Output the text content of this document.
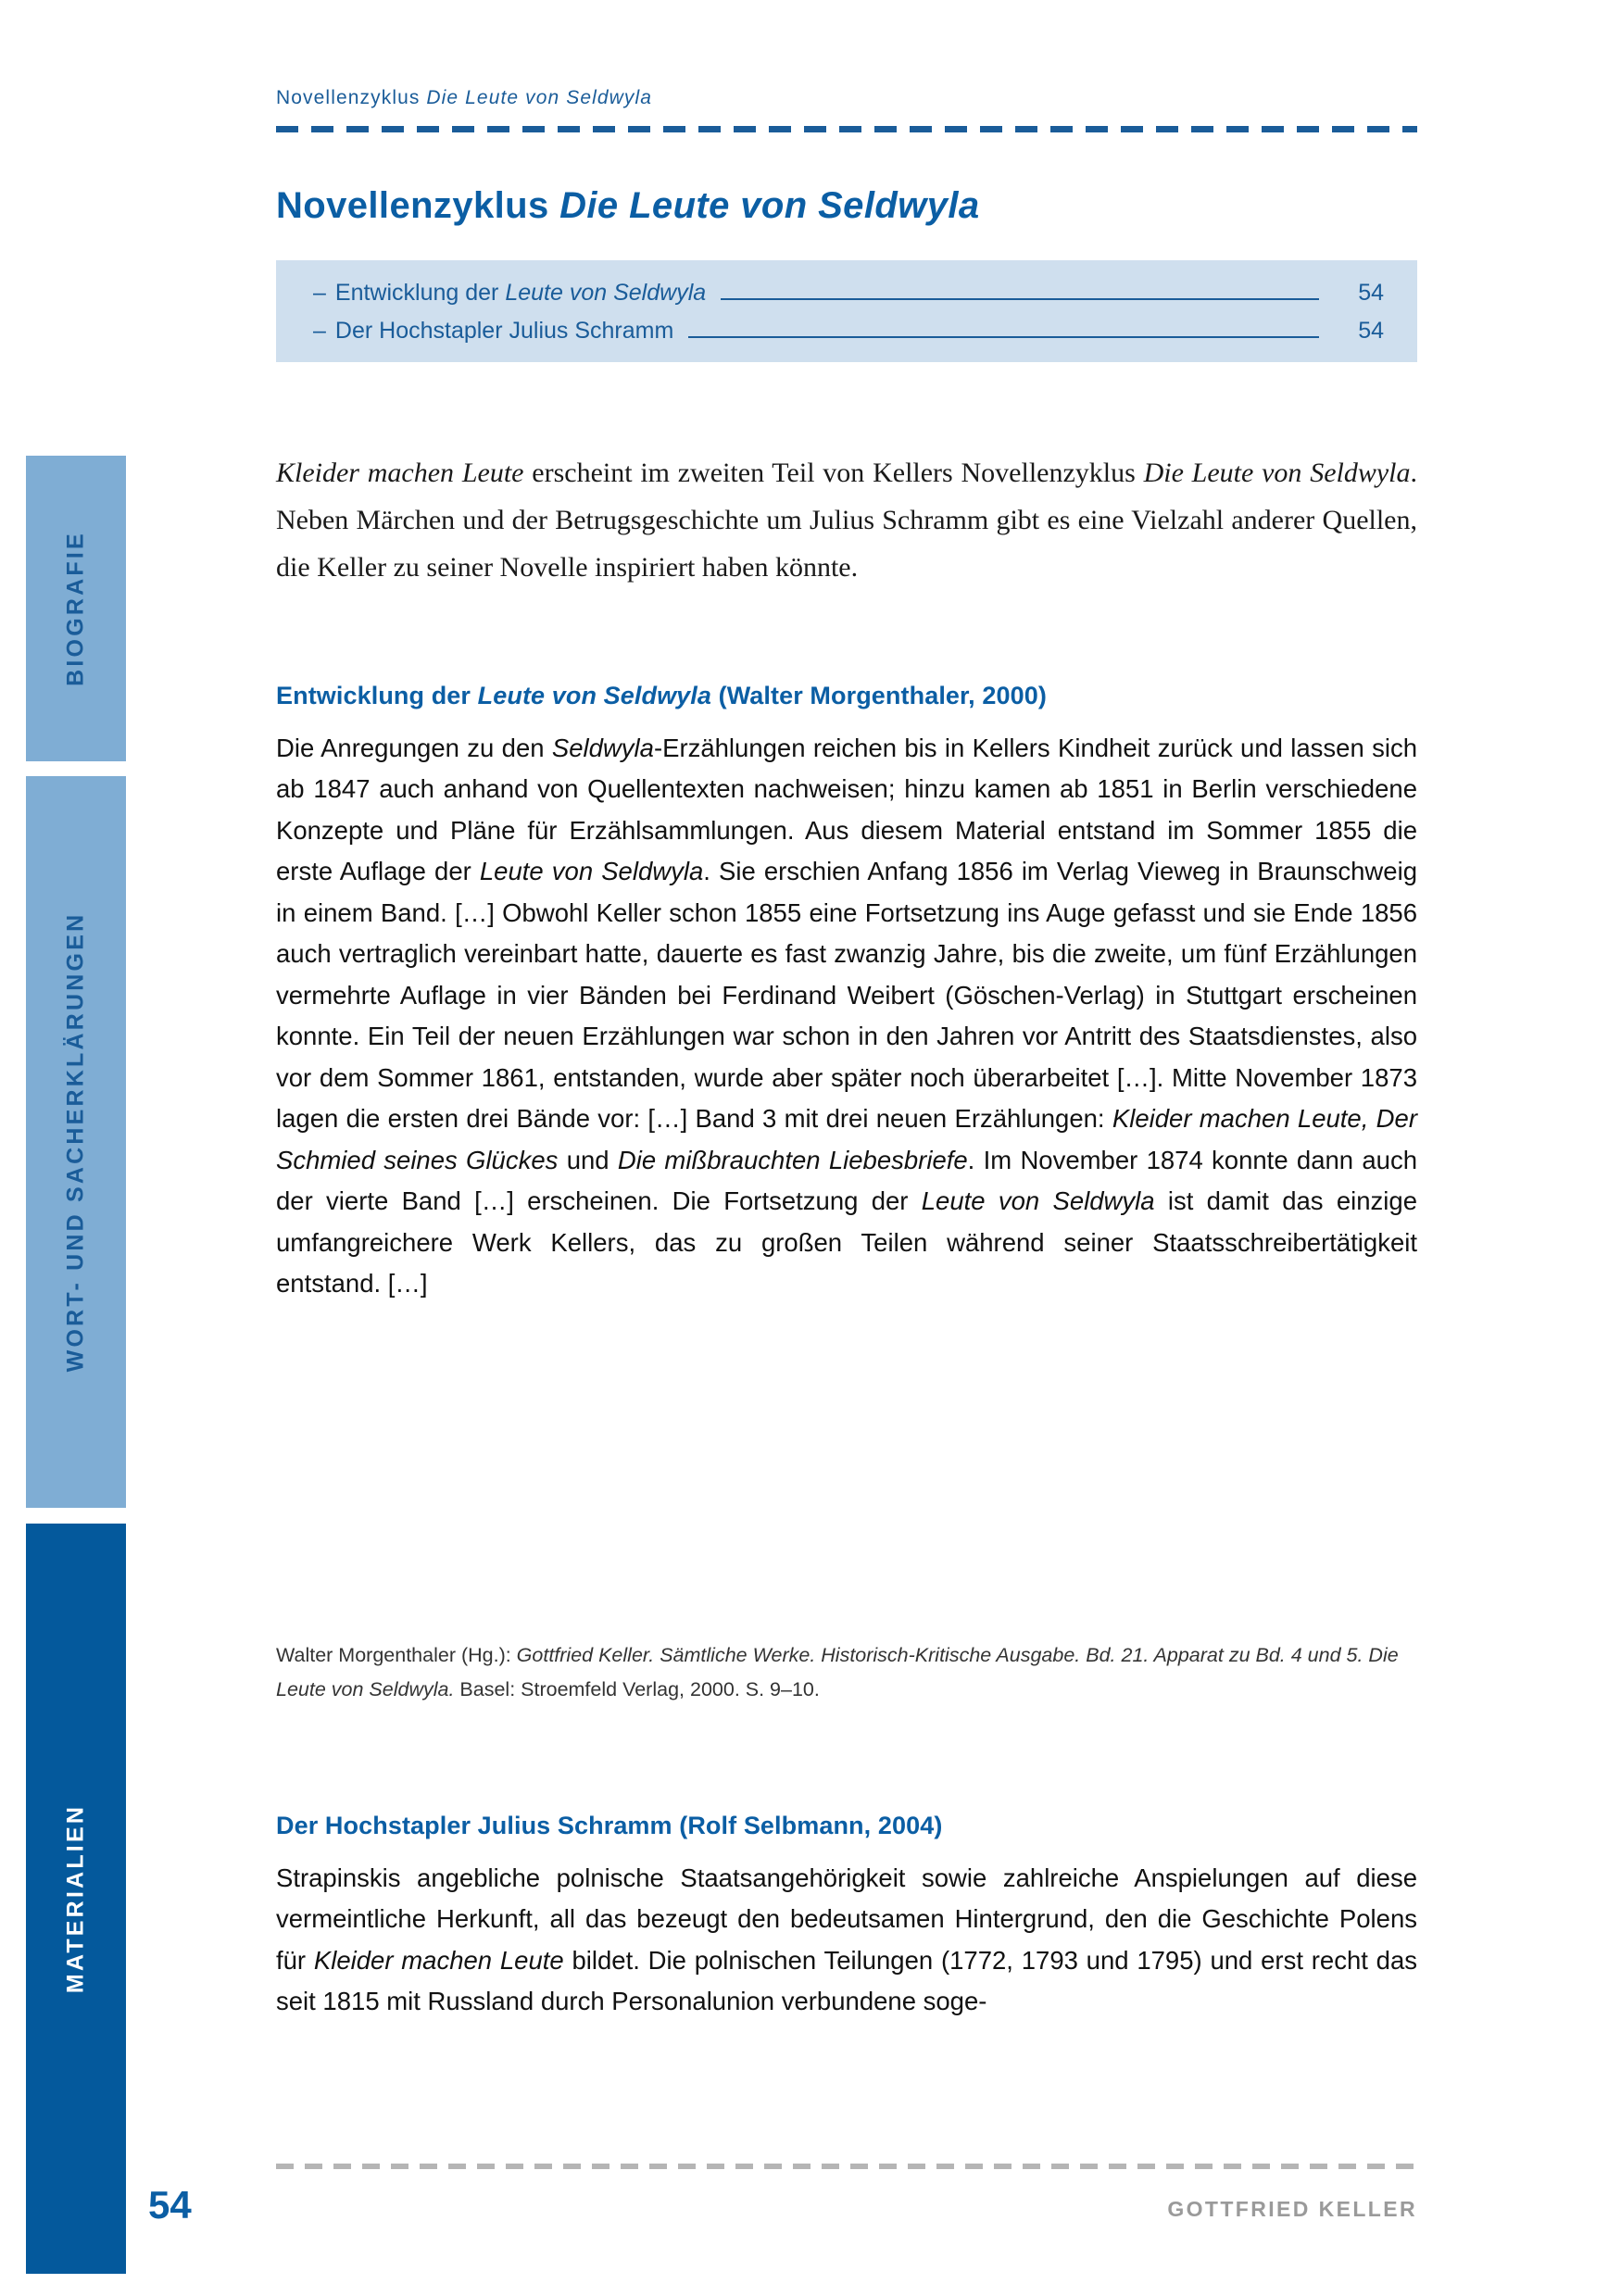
BIOGRAFIE
WORT- UND SACHERKLÄRUNGEN
MATERIALIEN
Novellenzyklus Die Leute von Seldwyla
Novellenzyklus Die Leute von Seldwyla
– Entwicklung der Leute von Seldwyla	54
– Der Hochstapler Julius Schramm	54

Kleider machen Leute erscheint im zweiten Teil von Kellers Novellenzyklus Die Leute von Seldwyla. Neben Märchen und der Betrugsgeschichte um Julius Schramm gibt es eine Vielzahl anderer Quellen, die Keller zu seiner Novelle inspiriert haben könnte.

Entwicklung der Leute von Seldwyla (Walter Morgenthaler, 2000)

Die Anregungen zu den Seldwyla-Erzählungen reichen bis in Kellers Kindheit zurück und lassen sich ab 1847 auch anhand von Quellentexten nachweisen; hinzu kamen ab 1851 in Berlin verschiedene Konzepte und Pläne für Erzählsammlungen. Aus diesem Material entstand im Sommer 1855 die erste Auflage der Leute von Seldwyla. Sie erschien Anfang 1856 im Verlag Vieweg in Braunschweig in einem Band. […] Obwohl Keller schon 1855 eine Fortsetzung ins Auge gefasst und sie Ende 1856 auch vertraglich vereinbart hatte, dauerte es fast zwanzig Jahre, bis die zweite, um fünf Erzählungen vermehrte Auflage in vier Bänden bei Ferdinand Weibert (Göschen-Verlag) in Stuttgart erscheinen konnte. Ein Teil der neuen Erzählungen war schon in den Jahren vor Antritt des Staatsdienstes, also vor dem Sommer 1861, entstanden, wurde aber später noch überarbeitet […]. Mitte November 1873 lagen die ersten drei Bände vor: […] Band 3 mit drei neuen Erzählungen: Kleider machen Leute, Der Schmied seines Glückes und Die mißbrauchten Liebesbriefe. Im November 1874 konnte dann auch der vierte Band […] erscheinen. Die Fortsetzung der Leute von Seldwyla ist damit das einzige umfangreichere Werk Kellers, das zu großen Teilen während seiner Staatsschreibertätigkeit entstand. […]

Walter Morgenthaler (Hg.): Gottfried Keller. Sämtliche Werke. Historisch-Kritische Ausgabe. Bd. 21. Apparat zu Bd. 4 und 5. Die Leute von Seldwyla. Basel: Stroemfeld Verlag, 2000. S. 9–10.

Der Hochstapler Julius Schramm (Rolf Selbmann, 2004)

Strapinskis angebliche polnische Staatsangehörigkeit sowie zahlreiche Anspielungen auf diese vermeintliche Herkunft, all das bezeugt den bedeutsamen Hintergrund, den die Geschichte Polens für Kleider machen Leute bildet. Die polnischen Teilungen (1772, 1793 und 1795) und erst recht das seit 1815 mit Russland durch Personalunion verbundene soge-

54	GOTTFRIED KELLER
